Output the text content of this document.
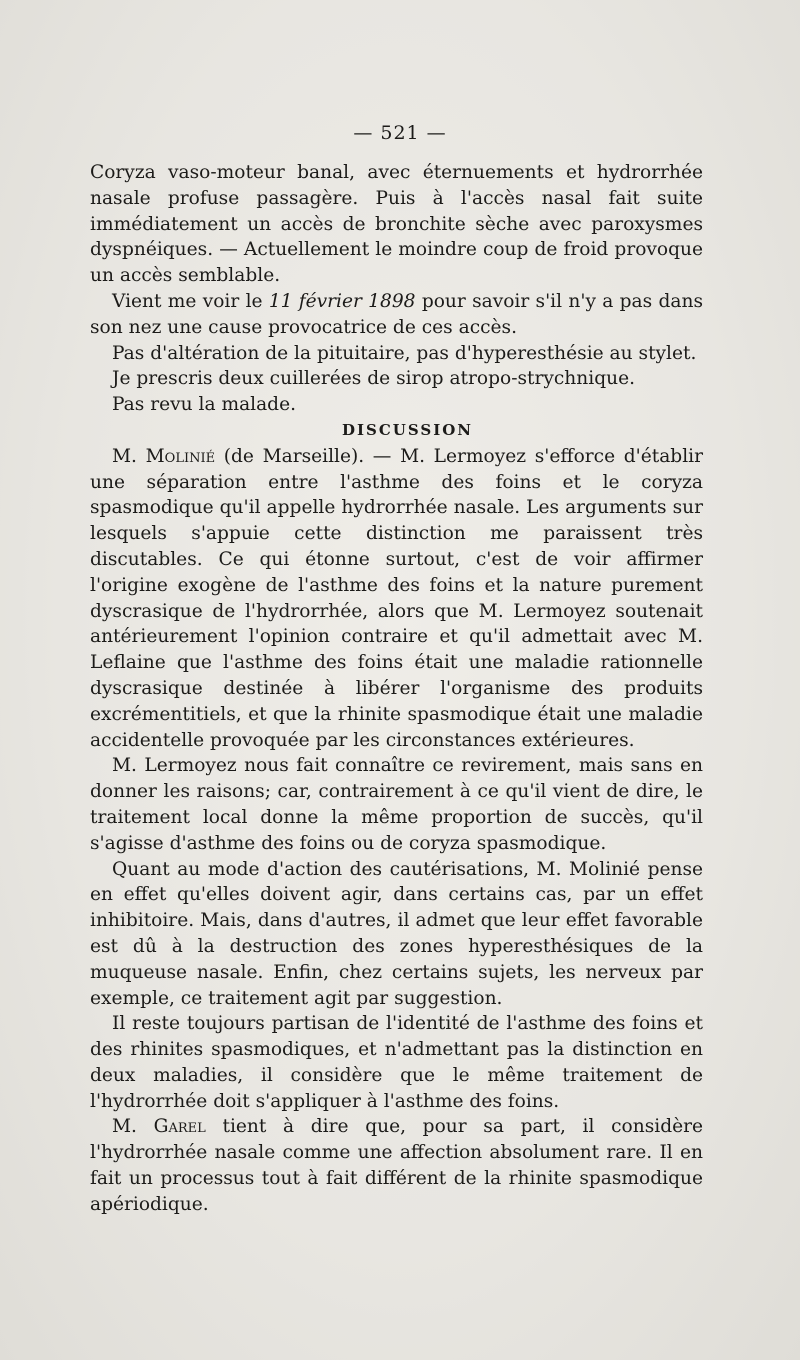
— 521 —

Coryza vaso-moteur banal, avec éternuements et hydrorrhée nasale profuse passagère. Puis à l'accès nasal fait suite immédiatement un accès de bronchite sèche avec paroxysmes dyspnéiques. — Actuellement le moindre coup de froid provoque un accès semblable.

Vient me voir le 11 février 1898 pour savoir s'il n'y a pas dans son nez une cause provocatrice de ces accès.

Pas d'altération de la pituitaire, pas d'hyperesthésie au stylet.

Je prescris deux cuillerées de sirop atropo-strychnique.

Pas revu la malade.

DISCUSSION

M. Molinié (de Marseille). — M. Lermoyez s'efforce d'établir une séparation entre l'asthme des foins et le coryza spasmodique qu'il appelle hydrorrhée nasale. Les arguments sur lesquels s'appuie cette distinction me paraissent très discutables. Ce qui étonne surtout, c'est de voir affirmer l'origine exogène de l'asthme des foins et la nature purement dyscrasique de l'hydrorrhée, alors que M. Lermoyez soutenait antérieurement l'opinion contraire et qu'il admettait avec M. Leflaine que l'asthme des foins était une maladie rationnelle dyscrasique destinée à libérer l'organisme des produits excrémentitiels, et que la rhinite spasmodique était une maladie accidentelle provoquée par les circonstances extérieures.

M. Lermoyez nous fait connaître ce revirement, mais sans en donner les raisons; car, contrairement à ce qu'il vient de dire, le traitement local donne la même proportion de succès, qu'il s'agisse d'asthme des foins ou de coryza spasmodique.

Quant au mode d'action des cautérisations, M. Molinié pense en effet qu'elles doivent agir, dans certains cas, par un effet inhibitoire. Mais, dans d'autres, il admet que leur effet favorable est dû à la destruction des zones hyperesthésiques de la muqueuse nasale. Enfin, chez certains sujets, les nerveux par exemple, ce traitement agit par suggestion.

Il reste toujours partisan de l'identité de l'asthme des foins et des rhinites spasmodiques, et n'admettant pas la distinction en deux maladies, il considère que le même traitement de l'hydrorrhée doit s'appliquer à l'asthme des foins.

M. Garel tient à dire que, pour sa part, il considère l'hydrorrhée nasale comme une affection absolument rare. Il en fait un processus tout à fait différent de la rhinite spasmodique apériodique.
